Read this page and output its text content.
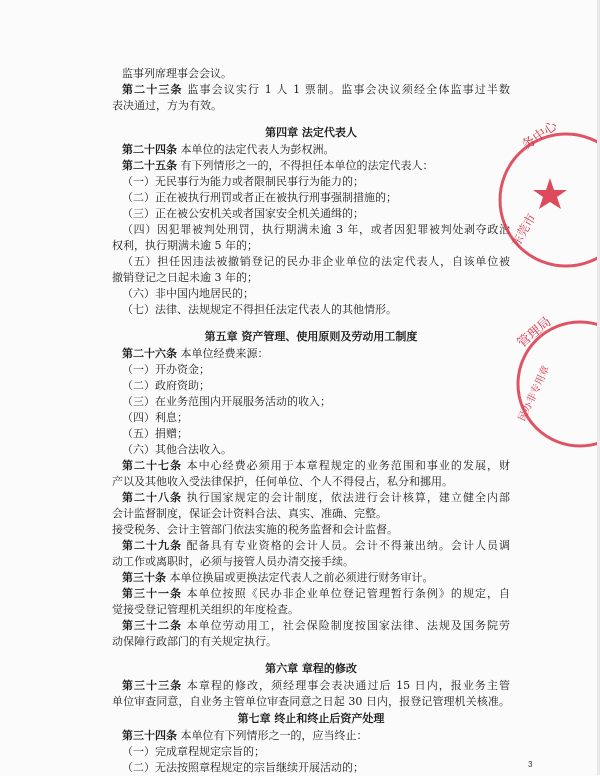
监事列席理事会会议。
第二十三条 监事会议实行 1 人 1 票制。监事会决议须经全体监事过半数
表决通过，方为有效。
第四章 法定代表人
第二十四条 本单位的法定代表人为彭权洲。
第二十五条 有下列情形之一的，不得担任本单位的法定代表人：
（一）无民事行为能力或者限制民事行为能力的；
（二）正在被执行刑罚或者正在被执行刑事强制措施的；
（三）正在被公安机关或者国家安全机关通缉的；
（四）因犯罪被判处刑罚，执行期满未逾 3 年，或者因犯罪被判处剥夺政治
权利，执行期满未逾 5 年的；
（五）担任因违法被撤销登记的民办非企业单位的法定代表人，自该单位被
撤销登记之日起未逾 3 年的；
（六）非中国内地居民的；
（七）法律、法规规定不得担任法定代表人的其他情形。
第五章 资产管理、使用原则及劳动用工制度
第二十六条 本单位经费来源：
（一）开办资金；
（二）政府资助；
（三）在业务范围内开展服务活动的收入；
（四）利息；
（五）捐赠；
（六）其他合法收入。
第二十七条 本中心经费必须用于本章程规定的业务范围和事业的发展，财
产以及其他收入受法律保护，任何单位、个人不得侵占，私分和挪用。
第二十八条 执行国家规定的会计制度，依法进行会计核算，建立健全内部
会计监督制度，保证会计资料合法、真实、准确、完整。
接受税务、会计主管部门依法实施的税务监督和会计监督。
第二十九条 配备具有专业资格的会计人员。会计不得兼出纳。会计人员调
动工作或离职时，必须与接管人员办清交接手续。
第三十条 本单位换届或更换法定代表人之前必须进行财务审计。
第三十一条 本单位按照《民办非企业单位登记管理暂行条例》的规定，自
觉接受登记管理机关组织的年度检查。
第三十二条 本单位劳动用工，社会保险制度按国家法律、法规及国务院劳
动保障行政部门的有关规定执行。
第六章 章程的修改
第三十三条 本章程的修改，须经理事会表决通过后 15 日内，报业务主管
单位审查同意，自业务主管单位审查同意之日起 30 日内，报登记管理机关核准。
第七章 终止和终止后资产处理
第三十四条 本单位有下列情形之一的，应当终止：
（一）完成章程规定宗旨的；
（二）无法按照章程规定的宗旨继续开展活动的；
务中心
东莞市
管理局
民办非专用章
3
